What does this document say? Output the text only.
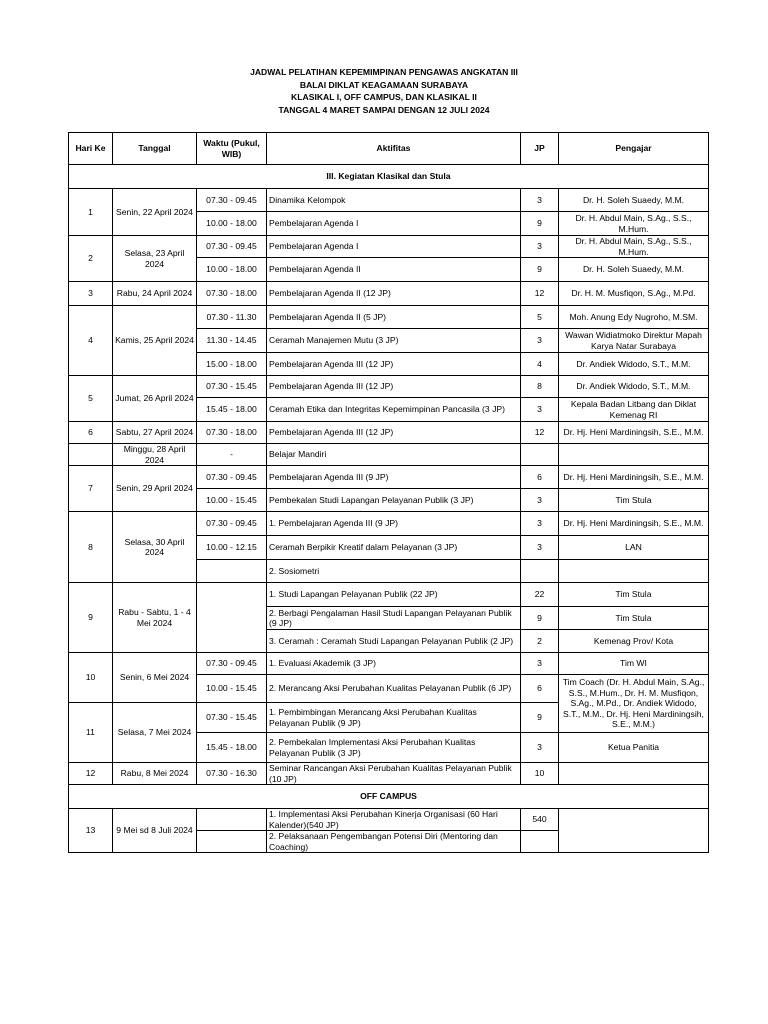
JADWAL PELATIHAN KEPEMIMPINAN PENGAWAS ANGKATAN III
BALAI DIKLAT KEAGAMAAN SURABAYA
KLASIKAL I, OFF CAMPUS, DAN KLASIKAL II
TANGGAL 4 MARET SAMPAI DENGAN 12 JULI 2024
Hari Ke	Tanggal	Waktu (Pukul, WIB)	Aktifitas	JP	Pengajar
III. Kegiatan Klasikal dan Stula					
1	Senin, 22 April 2024	07.30 - 09.45	Dinamika Kelompok	3	Dr. H. Soleh Suaedy, M.M.
		10.00 - 18.00	Pembelajaran Agenda I	9	Dr. H. Abdul Main, S.Ag., S.S., M.Hum.
2	Selasa, 23 April 2024	07.30 - 09.45	Pembelajaran Agenda I	3	Dr. H. Abdul Main, S.Ag., S.S., M.Hum.
		10.00 - 18.00	Pembelajaran Agenda II	9	Dr. H. Soleh Suaedy, M.M.
3	Rabu, 24 April 2024	07.30 - 18.00	Pembelajaran Agenda II (12 JP)	12	Dr. H. M. Musfiqon, S.Ag., M.Pd.
4	Kamis, 25 April 2024	07.30 - 11.30	Pembelajaran Agenda II (5 JP)	5	Moh. Anung Edy Nugroho, M.SM.
		11.30 - 14.45	Ceramah Manajemen Mutu (3 JP)	3	Wawan Widiatmoko Direktur Mapah Karya Natar Surabaya
		15.00 - 18.00	Pembelajaran Agenda III (12 JP)	4	Dr. Andiek Widodo, S.T., M.M.
5	Jumat, 26 April 2024	07.30 - 15.45	Pembelajaran Agenda III (12 JP)	8	Dr. Andiek Widodo, S.T., M.M.
		15.45 - 18.00	Ceramah Etika dan Integritas Kepemimpinan Pancasila (3 JP)	3	Kepala Badan Litbang dan Diklat Kemenag RI
6	Sabtu, 27 April 2024	07.30 - 18.00	Pembelajaran Agenda III (12 JP)	12	Dr. Hj. Heni Mardiningsih, S.E., M.M.
	Minggu, 28 April 2024	-	Belajar Mandiri		
7	Senin, 29 April 2024	07.30 - 09.45	Pembelajaran Agenda III (9 JP)	6	Dr. Hj. Heni Mardiningsih, S.E., M.M.
		10.00 - 15.45	Pembekalan Studi Lapangan Pelayanan Publik (3 JP)	3	Tim Stula
8	Selasa, 30 April 2024	07.30 - 09.45	1. Pembelajaran Agenda III (9 JP)	3	Dr. Hj. Heni Mardiningsih, S.E., M.M.
		10.00 - 12.15	Ceramah Berpikir Kreatif dalam Pelayanan (3 JP)	3	LAN
			2. Sosiometri		
9	Rabu - Sabtu, 1 - 4 Mei 2024		1. Studi Lapangan Pelayanan Publik (22 JP)	22	Tim Stula
			2. Berbagi Pengalaman Hasil Studi Lapangan Pelayanan Publik (9 JP)	9	Tim Stula
			3. Ceramah : Ceramah Studi Lapangan Pelayanan Publik (2 JP)	2	Kemenag Prov/ Kota
10	Senin, 6 Mei 2024	07.30 - 09.45	1. Evaluasi Akademik (3 JP)	3	Tim WI
		10.00 - 15.45	2. Merancang Aksi Perubahan Kualitas Pelayanan Publik (6 JP)	6	Tim Coach (Dr. H. Abdul Main, S.Ag., S.S., M.Hum., Dr. H. M. Musfiqon, S.Ag., M.Pd., Dr. Andiek Widodo, S.T., M.M., Dr. Hj. Heni Mardiningsih, S.E., M.M.)
11	Selasa, 7 Mei 2024	07.30 - 15.45	1. Pembimbingan Merancang Aksi Perubahan Kualitas Pelayanan Publik (9 JP)	9	
		15.45 - 18.00	2. Pembekalan Implementasi Aksi Perubahan Kualitas Pelayanan Publik (3 JP)	3	Ketua Panitia
12	Rabu, 8 Mei 2024	07.30 - 16.30	Seminar Rancangan Aksi Perubahan Kualitas Pelayanan Publik (10 JP)	10	
OFF CAMPUS					
13	9 Mei sd 8 Juli 2024		1. Implementasi Aksi Perubahan Kinerja Organisasi (60 Hari Kalender)(540 JP)	540	
			2. Pelaksanaan Pengembangan Potensi Diri (Mentoring dan Coaching)		
